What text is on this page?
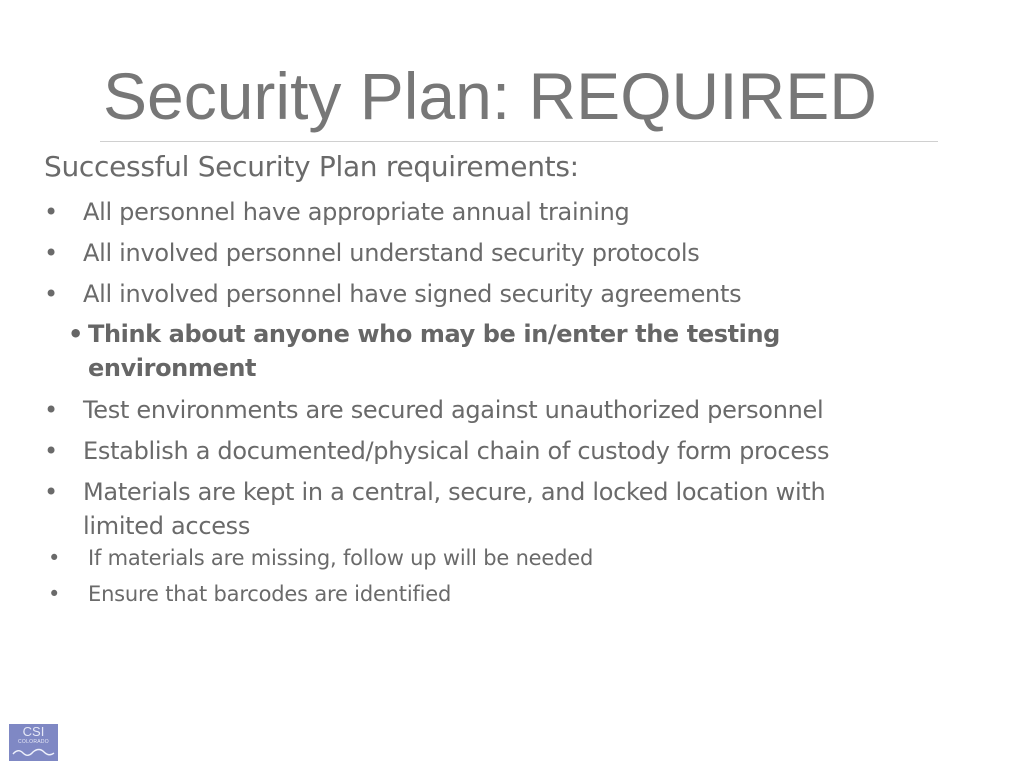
Security Plan: REQUIRED
Successful Security Plan requirements:
• All personnel have appropriate annual training
• All involved personnel understand security protocols
• All involved personnel have signed security agreements
• Think about anyone who may be in/enter the testing
environment
• Test environments are secured against unauthorized personnel
• Establish a documented/physical chain of custody form process
• Materials are kept in a central, secure, and locked location with
limited access
• If materials are missing, follow up will be needed
• Ensure that barcodes are identified
CSI
COLORADO
